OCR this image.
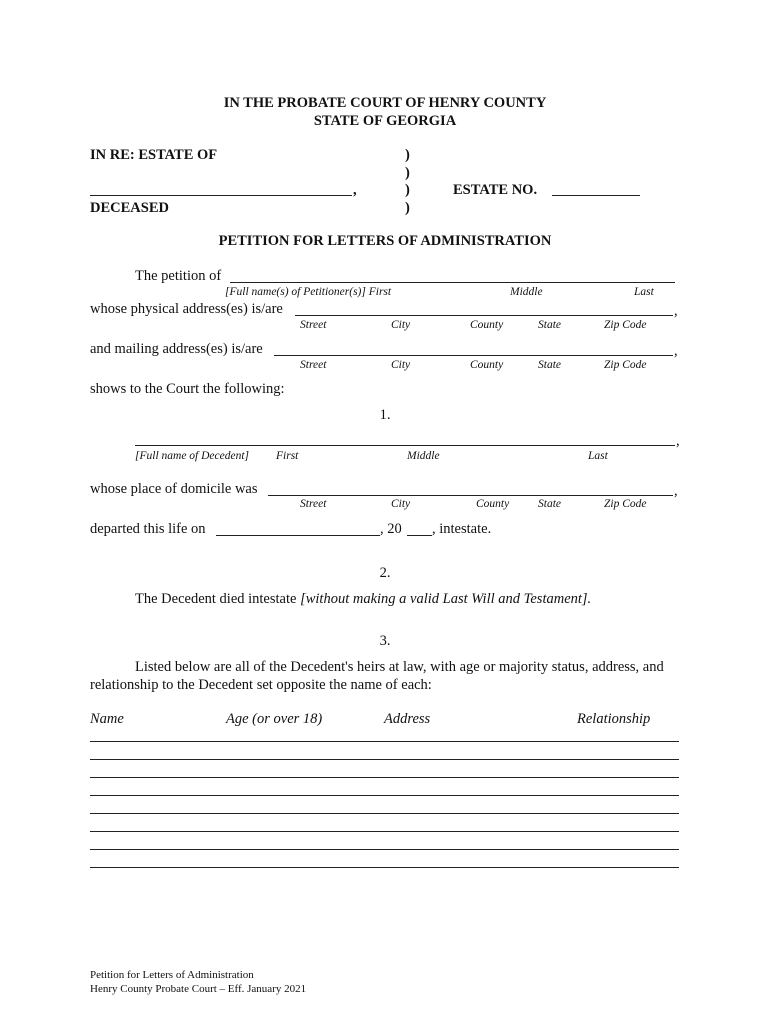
IN THE PROBATE COURT OF HENRY COUNTY
STATE OF GEORGIA
IN RE: ESTATE OF	)
)
)
)
,	ESTATE NO.
DECEASED
PETITION FOR LETTERS OF ADMINISTRATION
The petition of
[Full name(s) of Petitioner(s)] First	Middle	Last
whose physical address(es) is/are	,
Street	City	County	State	Zip Code
and mailing address(es) is/are	,
Street	City	County	State	Zip Code
shows to the Court the following:
1.
,
[Full name of Decedent] First	Middle	Last
whose place of domicile was	,
Street	City	County	State	Zip Code
departed this life on	, 20 , intestate.
2.
The Decedent died intestate [without making a valid Last Will and Testament].
3.
Listed below are all of the Decedent's heirs at law, with age or majority status, address, and
relationship to the Decedent set opposite the name of each:
Name	Age (or over 18)	Address	Relationship
Petition for Letters of Administration
Henry County Probate Court – Eff. January 2021
